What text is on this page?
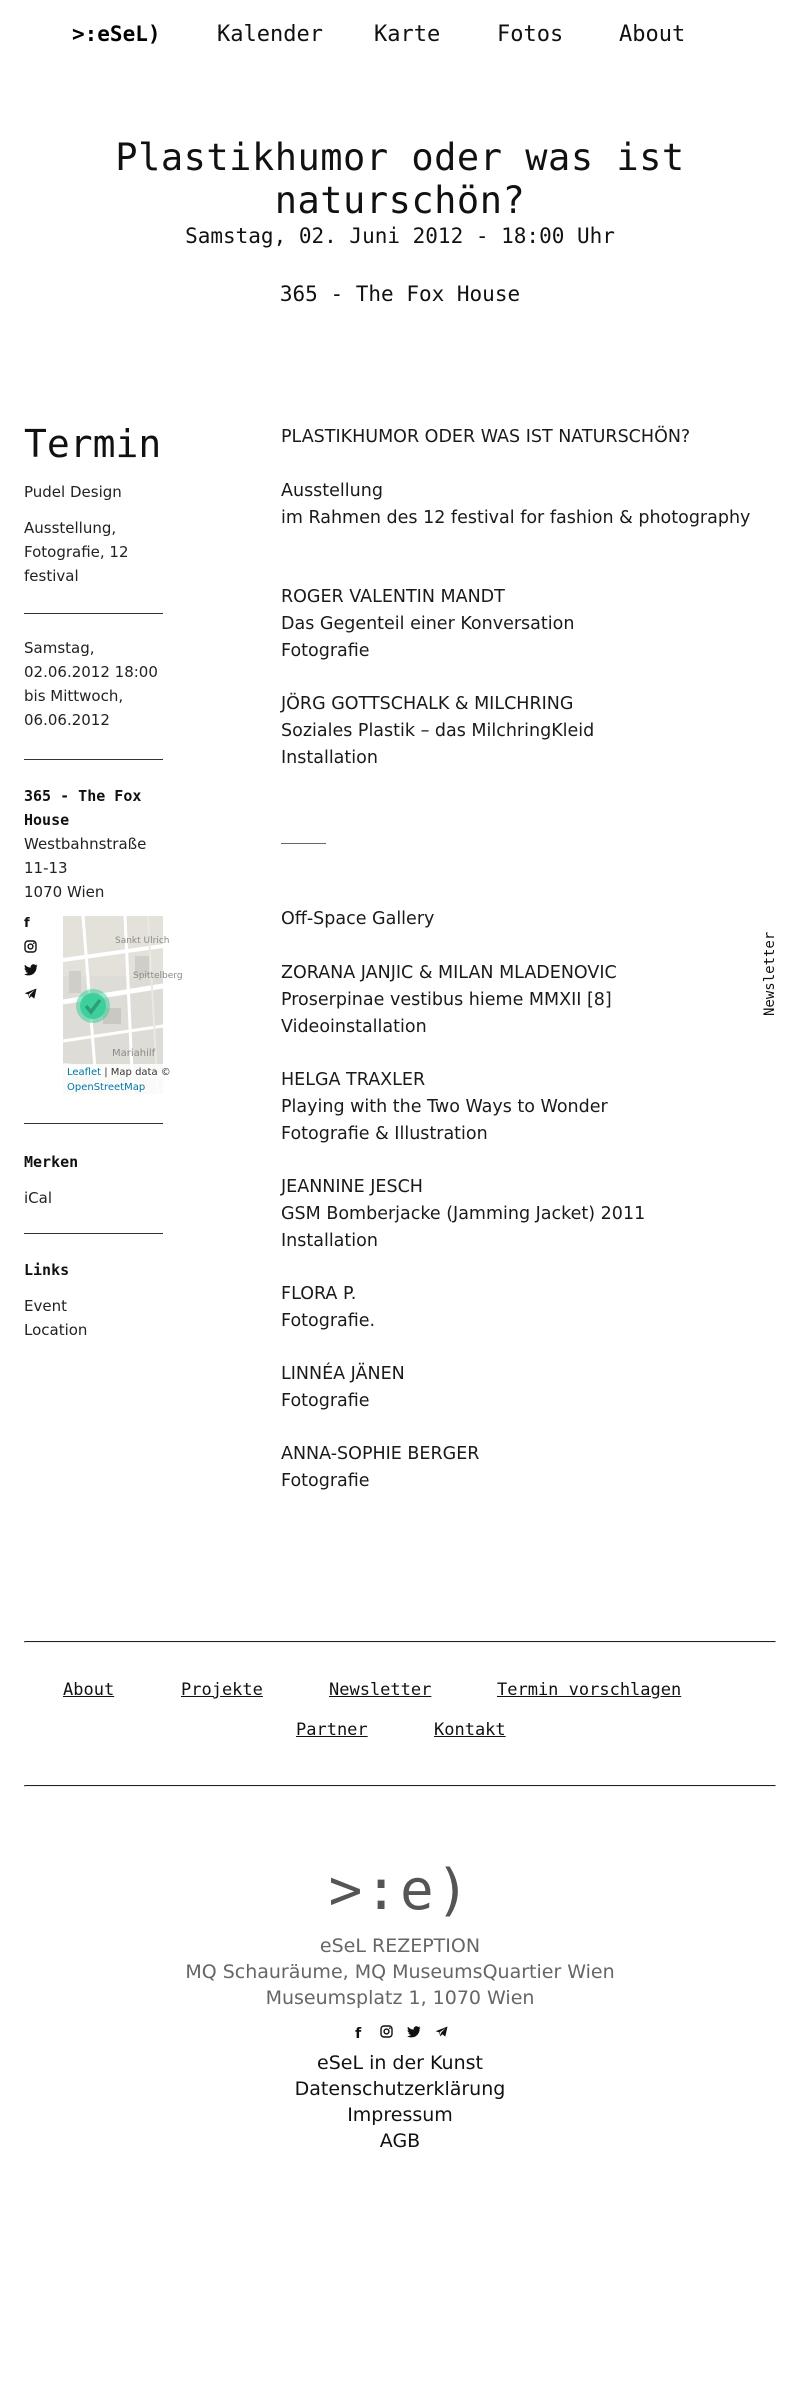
>:eSeL)	Kalender Karte	Fotos	About
Plastikhumor oder was ist naturschön?
Samstag, 02. Juni 2012 - 18:00 Uhr
365 - The Fox House
Termin
Pudel Design
Ausstellung, Fotografie, 12 festival
Samstag, 02.06.2012 18:00 bis Mittwoch, 06.06.2012
365 - The Fox House
Westbahnstraße 11-13
1070 Wien
f
Sankt Ulrich
Spittelberg
Mariahilf
Leaflet | Map data ©
OpenStreetMap
Merken
iCal
Links
Event
Location
PLASTIKHUMOR ODER WAS IST NATURSCHÖN?
Ausstellung
im Rahmen des 12 festival for fashion & photography
ROGER VALENTIN MANDT
Das Gegenteil einer Konversation
Fotografie
JÖRG GOTTSCHALK & MILCHRING
Soziales Plastik – das MilchringKleid
Installation
Off-Space Gallery
ZORANA JANJIC & MILAN MLADENOVIC
Proserpinae vestibus hieme MMXII [8]
Videoinstallation
HELGA TRAXLER
Playing with the Two Ways to Wonder
Fotografie & Illustration
JEANNINE JESCH
GSM Bomberjacke (Jamming Jacket) 2011
Installation
FLORA P.
Fotografie.
LINNÉA JÄNEN
Fotografie
ANNA-SOPHIE BERGER
Fotografie
Newsletter
About	Projekte	Newsletter	Termin vorschlagen
Partner	Kontakt
>:e)
eSeL REZEPTION
MQ Schauräume, MQ MuseumsQuartier Wien
Museumsplatz 1, 1070 Wien
f
eSeL in der Kunst
Datenschutzerklärung
Impressum
AGB
